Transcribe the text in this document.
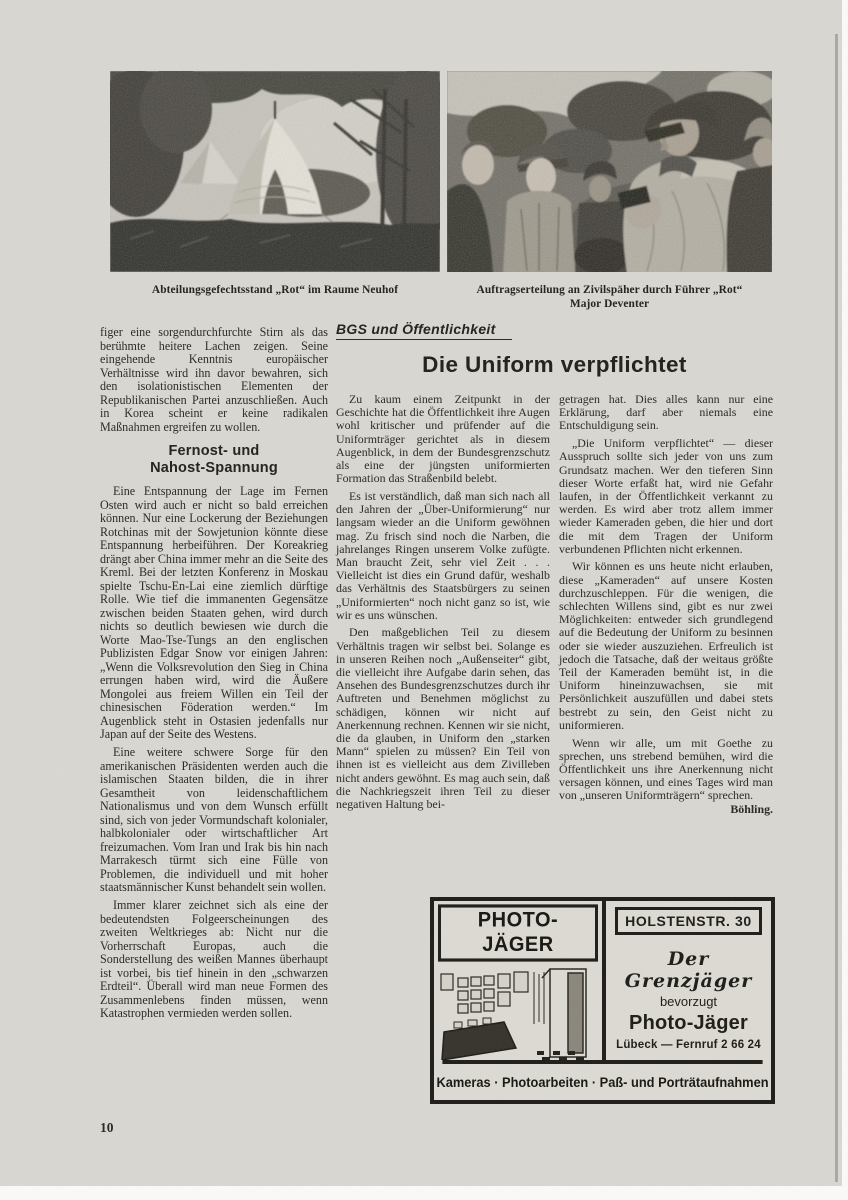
Abteilungsgefechtsstand „Rot“ im Raume Neuhof	Auftragserteilung an Zivilspäher durch Führer „Rot“
Major Deventer

figer eine sorgendurchfurchte Stirn als das berühmte heitere Lachen zeigen. Seine eingehende Kenntnis europäischer Verhältnisse wird ihn davor bewahren, sich den isolationistischen Elementen der Republikanischen Partei anzuschließen. Auch in Korea scheint er keine radikalen Maßnahmen ergreifen zu wollen.

Fernost- und
Nahost-Spannung

Eine Entspannung der Lage im Fernen Osten wird auch er nicht so bald erreichen können. Nur eine Lockerung der Beziehungen Rotchinas mit der Sowjetunion könnte diese Entspannung herbeiführen. Der Koreakrieg drängt aber China immer mehr an die Seite des Kreml. Bei der letzten Konferenz in Moskau spielte Tschu-En-Lai eine ziemlich dürftige Rolle. Wie tief die immanenten Gegensätze zwischen beiden Staaten gehen, wird durch nichts so deutlich bewiesen wie durch die Worte Mao-Tse-Tungs an den englischen Publizisten Edgar Snow vor einigen Jahren: „Wenn die Volksrevolution den Sieg in China errungen haben wird, wird die Äußere Mongolei aus freiem Willen ein Teil der chinesischen Föderation werden.“ Im Augenblick steht in Ostasien jedenfalls nur Japan auf der Seite des Westens.

Eine weitere schwere Sorge für den amerikanischen Präsidenten werden auch die islamischen Staaten bilden, die in ihrer Gesamtheit von leidenschaftlichem Nationalismus und von dem Wunsch erfüllt sind, sich von jeder Vormundschaft kolonialer, halbkolonialer oder wirtschaftlicher Art freizumachen. Vom Iran und Irak bis hin nach Marrakesch türmt sich eine Fülle von Problemen, die individuell und mit hoher staatsmännischer Kunst behandelt sein wollen.

Immer klarer zeichnet sich als eine der bedeutendsten Folgeerscheinungen des zweiten Weltkrieges ab: Nicht nur die Vorherrschaft Europas, auch die Sonderstellung des weißen Mannes überhaupt ist vorbei, bis tief hinein in den „schwarzen Erdteil“. Überall wird man neue Formen des Zusammenlebens finden müssen, wenn Katastrophen vermieden werden sollen.

BGS und Öffentlichkeit
Die Uniform verpflichtet

Zu kaum einem Zeitpunkt in der Geschichte hat die Öffentlichkeit ihre Augen wohl kritischer und prüfender auf die Uniformträger gerichtet als in diesem Augenblick, in dem der Bundesgrenzschutz als eine der jüngsten uniformierten Formation das Straßenbild belebt.

Es ist verständlich, daß man sich nach all den Jahren der „Über-Uniformierung“ nur langsam wieder an die Uniform gewöhnen mag. Zu frisch sind noch die Narben, die jahrelanges Ringen unserem Volke zufügte. Man braucht Zeit, sehr viel Zeit . . . Vielleicht ist dies ein Grund dafür, weshalb das Verhältnis des Staatsbürgers zu seinen „Uniformierten“ noch nicht ganz so ist, wie wir es uns wünschen.

Den maßgeblichen Teil zu diesem Verhältnis tragen wir selbst bei. Solange es in unseren Reihen noch „Außenseiter“ gibt, die vielleicht ihre Aufgabe darin sehen, das Ansehen des Bundesgrenzschutzes durch ihr Auftreten und Benehmen möglichst zu schädigen, können wir nicht auf Anerkennung rechnen. Kennen wir sie nicht, die da glauben, in Uniform den „starken Mann“ spielen zu müssen? Ein Teil von ihnen ist es vielleicht aus dem Zivilleben nicht anders gewöhnt. Es mag auch sein, daß die Nachkriegszeit ihren Teil zu dieser negativen Haltung bei-

getragen hat. Dies alles kann nur eine Erklärung, darf aber niemals eine Entschuldigung sein.

„Die Uniform verpflichtet“ — dieser Ausspruch sollte sich jeder von uns zum Grundsatz machen. Wer den tieferen Sinn dieser Worte erfaßt hat, wird nie Gefahr laufen, in der Öffentlichkeit verkannt zu werden. Es wird aber trotz allem immer wieder Kameraden geben, die hier und dort die mit dem Tragen der Uniform verbundenen Pflichten nicht erkennen.

Wir können es uns heute nicht erlauben, diese „Kameraden“ auf unsere Kosten durchzuschleppen. Für die wenigen, die schlechten Willens sind, gibt es nur zwei Möglichkeiten: entweder sich grundlegend auf die Bedeutung der Uniform zu besinnen oder sie wieder auszuziehen. Erfreulich ist jedoch die Tatsache, daß der weitaus größte Teil der Kameraden bemüht ist, in die Uniform hineinzuwachsen, sie mit Persönlichkeit auszufüllen und dabei stets bestrebt zu sein, den Geist nicht zu uniformieren.

Wenn wir alle, um mit Goethe zu sprechen, uns strebend bemühen, wird die Öffentlichkeit uns ihre Anerkennung nicht versagen können, und eines Tages wird man von „unseren Uniformträgern“ sprechen.
Böhling.

PHOTO-JÄGER
HOLSTENSTR. 30
Der Grenzjäger
bevorzugt
Photo-Jäger
Lübeck — Fernruf 2 66 24
Kameras · Photoarbeiten · Paß- und Porträtaufnahmen
10
